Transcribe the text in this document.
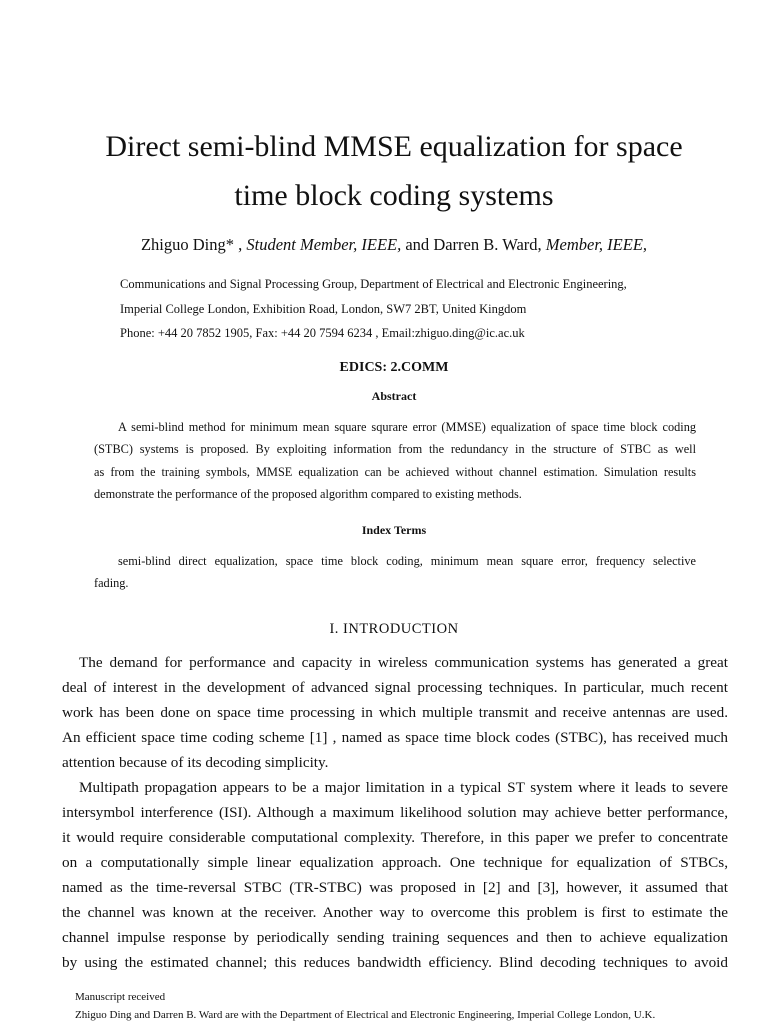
Direct semi-blind MMSE equalization for space
time block coding systems
Zhiguo Ding* , Student Member, IEEE, and Darren B. Ward, Member, IEEE,
Communications and Signal Processing Group, Department of Electrical and Electronic Engineering,
Imperial College London, Exhibition Road, London, SW7 2BT, United Kingdom
Phone: +44 20 7852 1905, Fax: +44 20 7594 6234 , Email:zhiguo.ding@ic.ac.uk
EDICS: 2.COMM
Abstract
A semi-blind method for minimum mean square squrare error (MMSE) equalization of space time block coding
(STBC) systems is proposed. By exploiting information from the redundancy in the structure of STBC as well
as from the training symbols, MMSE equalization can be achieved without channel estimation. Simulation results
demonstrate the performance of the proposed algorithm compared to existing methods.
Index Terms
semi-blind direct equalization, space time block coding, minimum mean square error, frequency selective
fading.
I. INTRODUCTION
The demand for performance and capacity in wireless communication systems has generated a great
deal of interest in the development of advanced signal processing techniques. In particular, much recent
work has been done on space time processing in which multiple transmit and receive antennas are used.
An efficient space time coding scheme [1] , named as space time block codes (STBC), has received much
attention because of its decoding simplicity.
Multipath propagation appears to be a major limitation in a typical ST system where it leads to severe
intersymbol interference (ISI). Although a maximum likelihood solution may achieve better performance,
it would require considerable computational complexity. Therefore, in this paper we prefer to concentrate
on a computationally simple linear equalization approach. One technique for equalization of STBCs,
named as the time-reversal STBC (TR-STBC) was proposed in [2] and [3], however, it assumed that
the channel was known at the receiver. Another way to overcome this problem is first to estimate the
channel impulse response by periodically sending training sequences and then to achieve equalization
by using the estimated channel; this reduces bandwidth efficiency. Blind decoding techniques to avoid
Manuscript received
Zhiguo Ding and Darren B. Ward are with the Department of Electrical and Electronic Engineering, Imperial College London, U.K.
